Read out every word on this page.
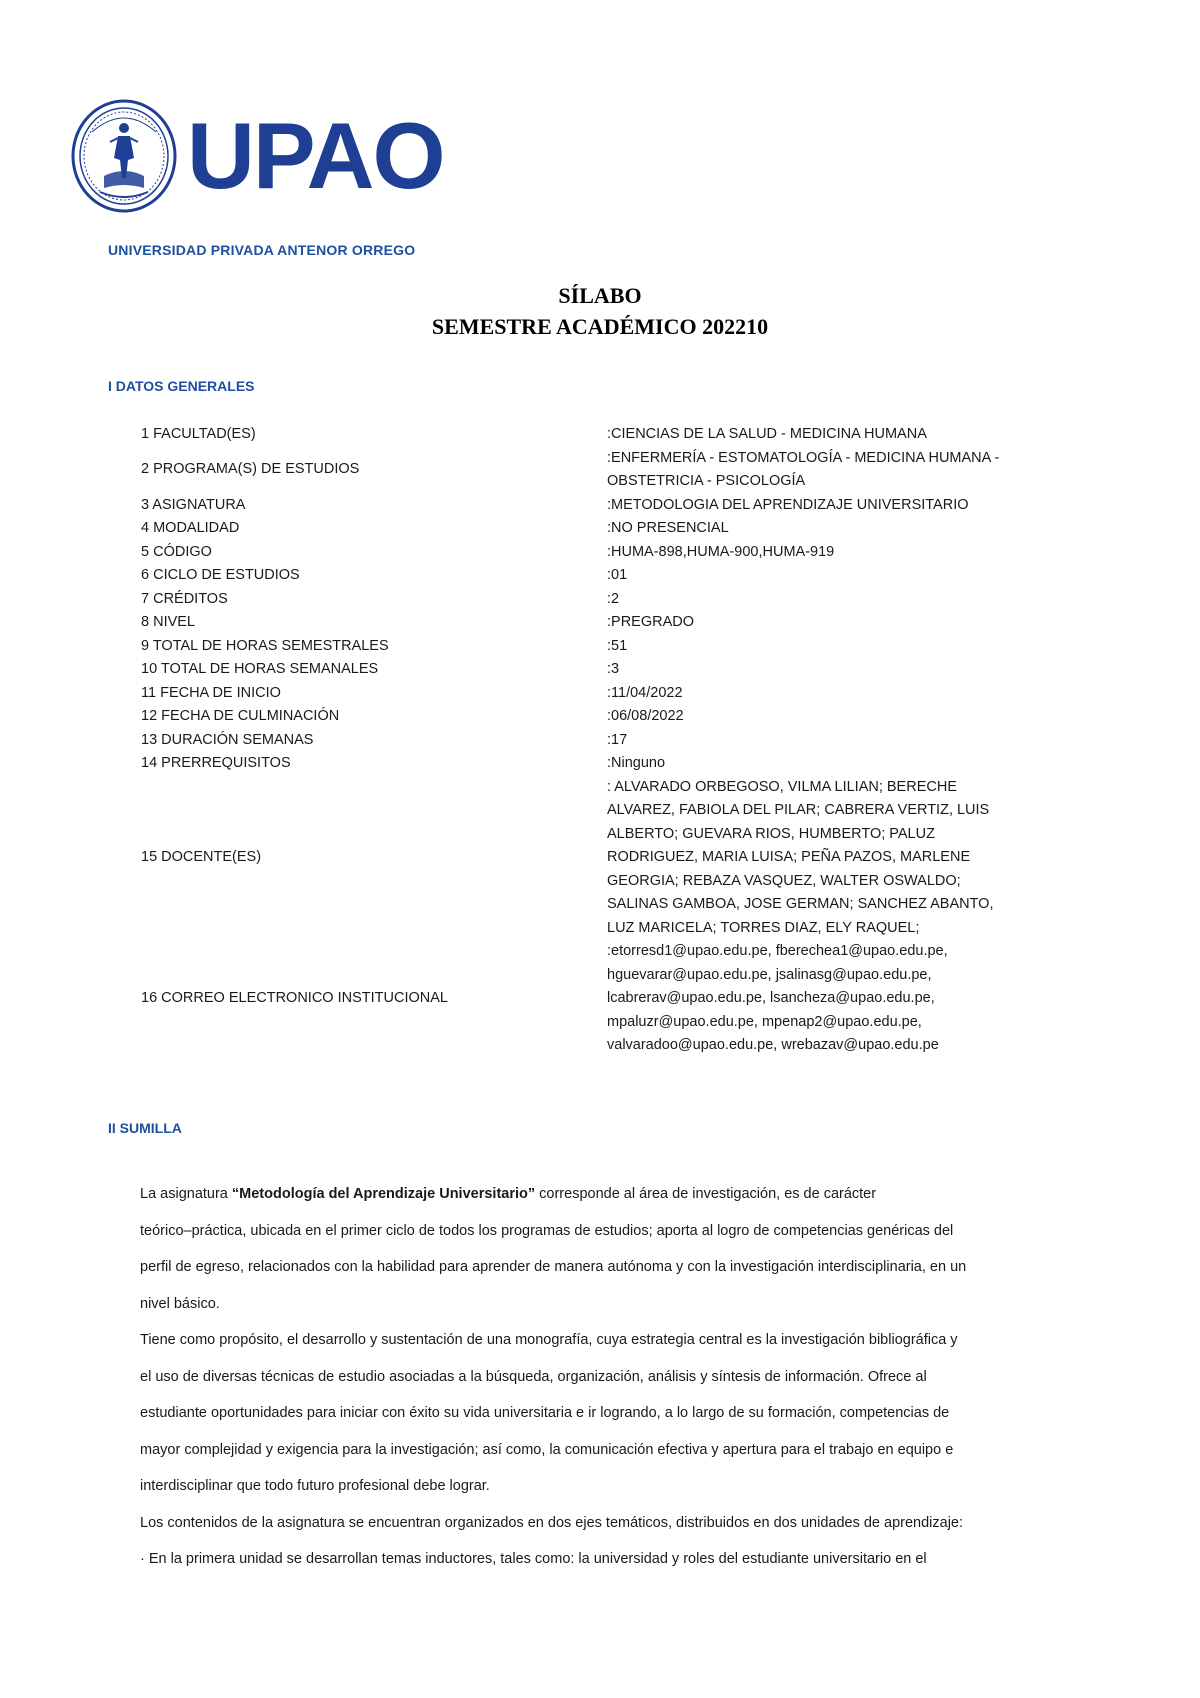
UPAO
UNIVERSIDAD PRIVADA ANTENOR ORREGO
SÍLABO
SEMESTRE ACADÉMICO 202210
I DATOS GENERALES
1 FACULTAD(ES)	:CIENCIAS DE LA SALUD - MEDICINA HUMANA
2 PROGRAMA(S) DE ESTUDIOS
:ENFERMERÍA - ESTOMATOLOGÍA - MEDICINA HUMANA -
OBSTETRICIA - PSICOLOGÍA
3 ASIGNATURA	:METODOLOGIA DEL APRENDIZAJE UNIVERSITARIO
4 MODALIDAD	:NO PRESENCIAL
5 CÓDIGO	:HUMA-898,HUMA-900,HUMA-919
6 CICLO DE ESTUDIOS	:01
7 CRÉDITOS	:2
8 NIVEL	:PREGRADO
9 TOTAL DE HORAS SEMESTRALES	:51
10 TOTAL DE HORAS SEMANALES	:3
11 FECHA DE INICIO	:11/04/2022
12 FECHA DE CULMINACIÓN	:06/08/2022
13 DURACIÓN SEMANAS	:17
14 PRERREQUISITOS	:Ninguno
15 DOCENTE(ES)
: ALVARADO ORBEGOSO, VILMA LILIAN; BERECHE
ALVAREZ, FABIOLA DEL PILAR; CABRERA VERTIZ, LUIS
ALBERTO; GUEVARA RIOS, HUMBERTO; PALUZ
RODRIGUEZ, MARIA LUISA; PEÑA PAZOS, MARLENE
GEORGIA; REBAZA VASQUEZ, WALTER OSWALDO;
SALINAS GAMBOA, JOSE GERMAN; SANCHEZ ABANTO,
LUZ MARICELA; TORRES DIAZ, ELY RAQUEL;
16 CORREO ELECTRONICO INSTITUCIONAL
:etorresd1@upao.edu.pe, fberechea1@upao.edu.pe,
hguevarar@upao.edu.pe, jsalinasg@upao.edu.pe,
lcabrerav@upao.edu.pe, lsancheza@upao.edu.pe,
mpaluzr@upao.edu.pe, mpenap2@upao.edu.pe,
valvaradoo@upao.edu.pe, wrebazav@upao.edu.pe
II SUMILLA
La asignatura “Metodología del Aprendizaje Universitario” corresponde al área de investigación, es de carácter
teórico–práctica, ubicada en el primer ciclo de todos los programas de estudios; aporta al logro de competencias genéricas del
perfil de egreso, relacionados con la habilidad para aprender de manera autónoma y con la investigación interdisciplinaria, en un
nivel básico.
Tiene como propósito, el desarrollo y sustentación de una monografía, cuya estrategia central es la investigación bibliográfica y
el uso de diversas técnicas de estudio asociadas a la búsqueda, organización, análisis y síntesis de información. Ofrece al
estudiante oportunidades para iniciar con éxito su vida universitaria e ir logrando, a lo largo de su formación, competencias de
mayor complejidad y exigencia para la investigación; así como, la comunicación efectiva y apertura para el trabajo en equipo e
interdisciplinar que todo futuro profesional debe lograr.
Los contenidos de la asignatura se encuentran organizados en dos ejes temáticos, distribuidos en dos unidades de aprendizaje:
· En la primera unidad se desarrollan temas inductores, tales como: la universidad y roles del estudiante universitario en el
